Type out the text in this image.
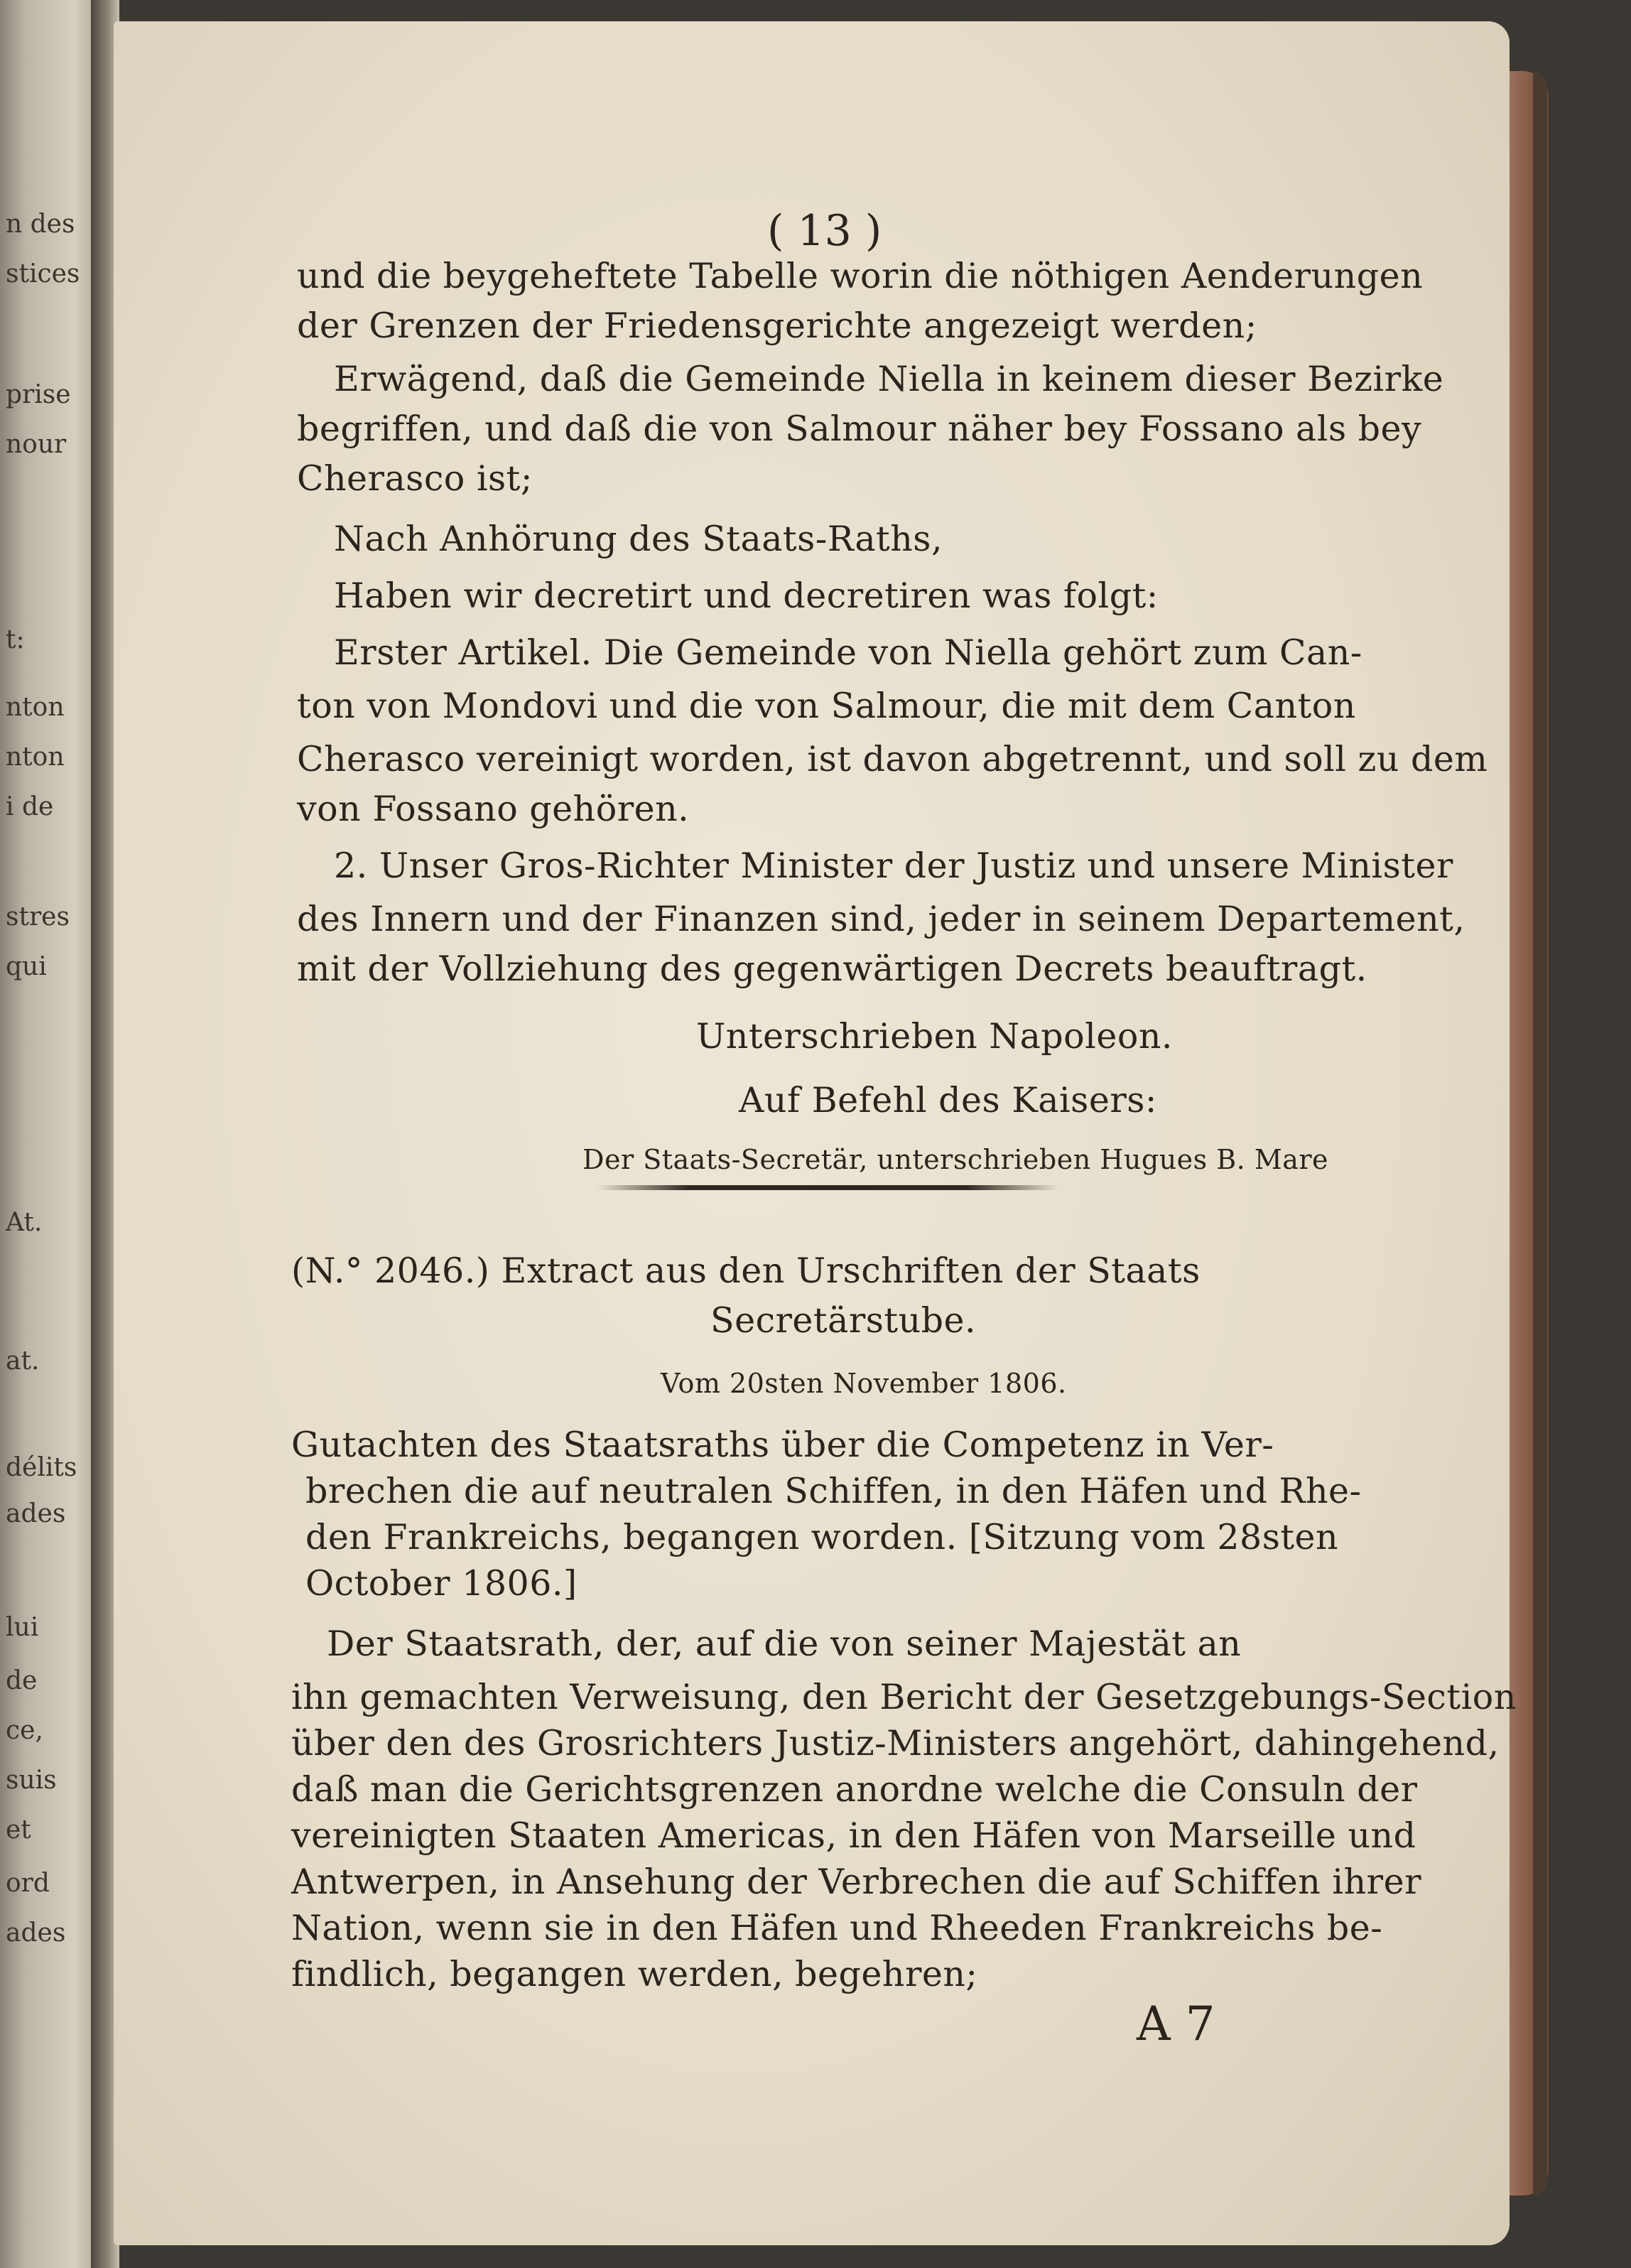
n des
stices
prise
nour
t:
nton
nton
i de
stres
qui
At.
at.
délits
ades
lui
de
ce,
suis
et
ord
ades
( 13 )
und die beygeheftete Tabelle worin die nöthigen Aenderungen
der Grenzen der Friedensgerichte angezeigt werden;
Erwägend, daß die Gemeinde Niella in keinem dieser Bezirke
begriffen, und daß die von Salmour näher bey Fossano als bey
Cherasco ist;
Nach Anhörung des Staats-Raths,
Haben wir decretirt und decretiren was folgt:
Erster Artikel. Die Gemeinde von Niella gehört zum Can-
ton von Mondovi und die von Salmour, die mit dem Canton
Cherasco vereinigt worden, ist davon abgetrennt, und soll zu dem
von Fossano gehören.
2. Unser Gros-Richter Minister der Justiz und unsere Minister
des Innern und der Finanzen sind, jeder in seinem Departement,
mit der Vollziehung des gegenwärtigen Decrets beauftragt.
Unterschrieben Napoleon.
Auf Befehl des Kaisers:
Der Staats-Secretär, unterschrieben Hugues B. Mare
(N.° 2046.) Extract aus den Urschriften der Staats
Secretärstube.
Vom 20sten November 1806.
Gutachten des Staatsraths über die Competenz in Ver-
brechen die auf neutralen Schiffen, in den Häfen und Rhe-
den Frankreichs, begangen worden. [Sitzung vom 28sten
October 1806.]
Der Staatsrath, der, auf die von seiner Majestät an
ihn gemachten Verweisung, den Bericht der Gesetzgebungs-Section
über den des Grosrichters Justiz-Ministers angehört, dahingehend,
daß man die Gerichtsgrenzen anordne welche die Consuln der
vereinigten Staaten Americas, in den Häfen von Marseille und
Antwerpen, in Ansehung der Verbrechen die auf Schiffen ihrer
Nation, wenn sie in den Häfen und Rheeden Frankreichs be-
findlich, begangen werden, begehren;
A 7
